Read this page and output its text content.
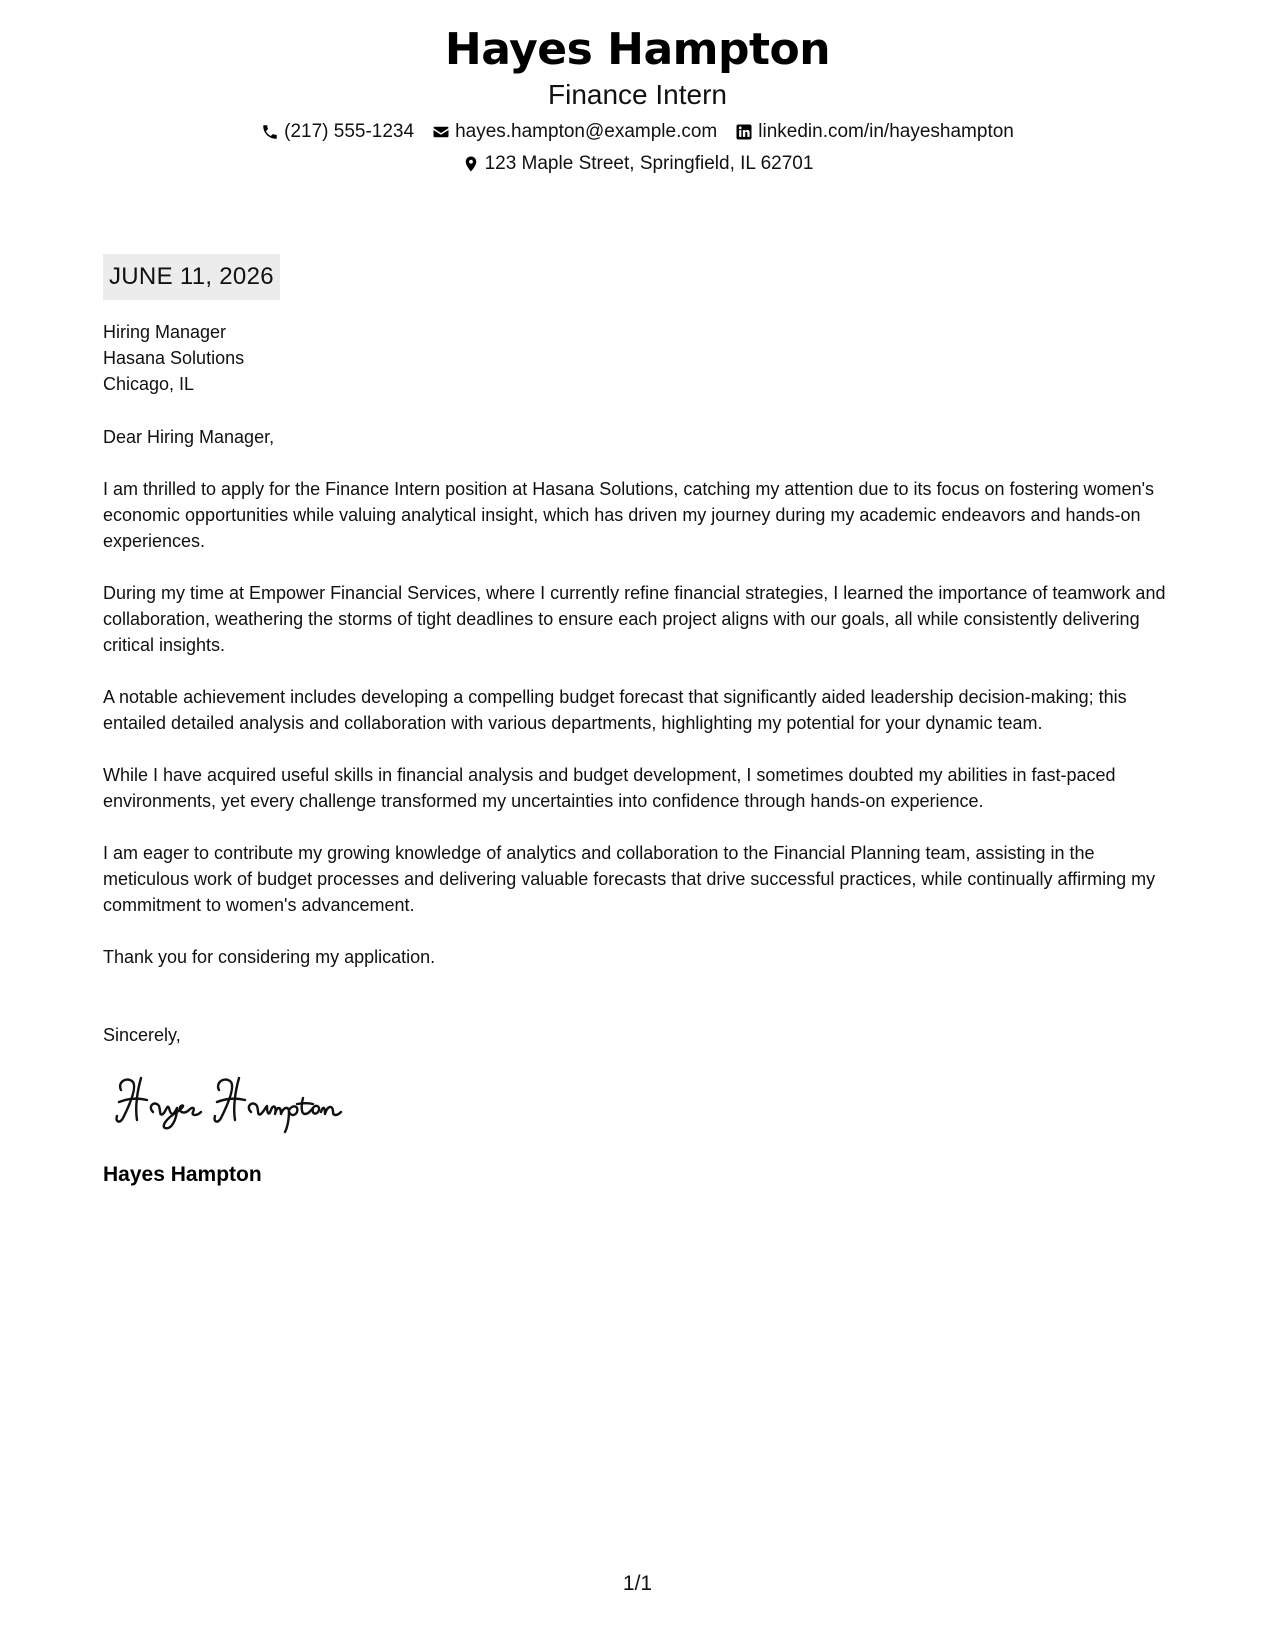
Hayes Hampton
Finance Intern
(217) 555-1234 hayes.hampton@example.com linkedin.com/in/hayeshampton
123 Maple Street, Springfield, IL 62701
JUNE 11, 2026
Hiring Manager
Hasana Solutions
Chicago, IL
Dear Hiring Manager,
I am thrilled to apply for the Finance Intern position at Hasana Solutions, catching my attention due to its focus on fostering women's economic opportunities while valuing analytical insight, which has driven my journey during my academic endeavors and hands-on experiences.
During my time at Empower Financial Services, where I currently refine financial strategies, I learned the importance of teamwork and collaboration, weathering the storms of tight deadlines to ensure each project aligns with our goals, all while consistently delivering critical insights.
A notable achievement includes developing a compelling budget forecast that significantly aided leadership decision-making; this entailed detailed analysis and collaboration with various departments, highlighting my potential for your dynamic team.
While I have acquired useful skills in financial analysis and budget development, I sometimes doubted my abilities in fast-paced environments, yet every challenge transformed my uncertainties into confidence through hands-on experience.
I am eager to contribute my growing knowledge of analytics and collaboration to the Financial Planning team, assisting in the meticulous work of budget processes and delivering valuable forecasts that drive successful practices, while continually affirming my commitment to women's advancement.
Thank you for considering my application.
Sincerely,
Hayes Hampton
1/1
